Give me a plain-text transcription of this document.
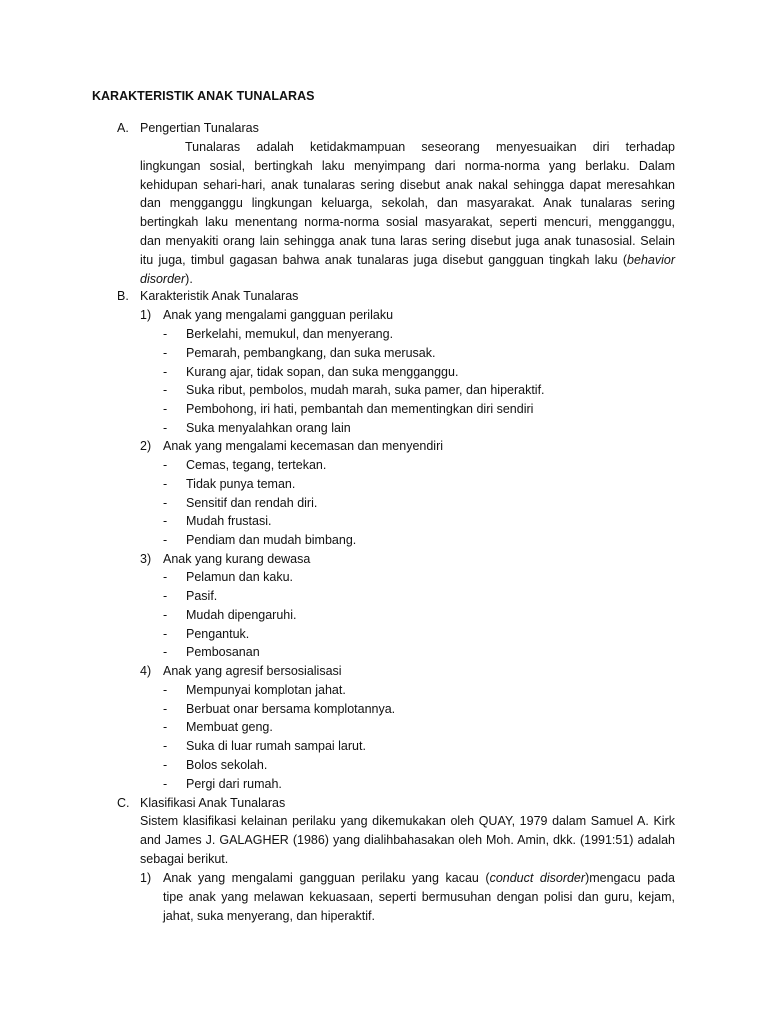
KARAKTERISTIK ANAK TUNALARAS
A. Pengertian Tunalaras
Tunalaras adalah ketidakmampuan seseorang menyesuaikan diri terhadap
lingkungan sosial, bertingkah laku menyimpang dari norma-norma yang berlaku. Dalam
kehidupan sehari-hari, anak tunalaras sering disebut anak nakal sehingga dapat meresahkan
dan mengganggu lingkungan keluarga, sekolah, dan masyarakat. Anak tunalaras sering
bertingkah laku menentang norma-norma sosial masyarakat, seperti mencuri, mengganggu,
dan menyakiti orang lain sehingga anak tuna laras sering disebut juga anak tunasosial. Selain
itu juga, timbul gagasan bahwa anak tunalaras juga disebut gangguan tingkah laku (behavior
disorder).
B. Karakteristik Anak Tunalaras
1) Anak yang mengalami gangguan perilaku
- Berkelahi, memukul, dan menyerang.
- Pemarah, pembangkang, dan suka merusak.
- Kurang ajar, tidak sopan, dan suka mengganggu.
- Suka ribut, pembolos, mudah marah, suka pamer, dan hiperaktif.
- Pembohong, iri hati, pembantah dan mementingkan diri sendiri
- Suka menyalahkan orang lain
2) Anak yang mengalami kecemasan dan menyendiri
- Cemas, tegang, tertekan.
- Tidak punya teman.
- Sensitif dan rendah diri.
- Mudah frustasi.
- Pendiam dan mudah bimbang.
3) Anak yang kurang dewasa
- Pelamun dan kaku.
- Pasif.
- Mudah dipengaruhi.
- Pengantuk.
- Pembosanan
4) Anak yang agresif bersosialisasi
- Mempunyai komplotan jahat.
- Berbuat onar bersama komplotannya.
- Membuat geng.
- Suka di luar rumah sampai larut.
- Bolos sekolah.
- Pergi dari rumah.
C. Klasifikasi Anak Tunalaras
Sistem klasifikasi kelainan perilaku yang dikemukakan oleh QUAY, 1979 dalam Samuel A. Kirk
and James J. GALAGHER (1986) yang dialihbahasakan oleh Moh. Amin, dkk. (1991:51) adalah
sebagai berikut.
1) Anak yang mengalami gangguan perilaku yang kacau (conduct disorder)mengacu pada
tipe anak yang melawan kekuasaan, seperti bermusuhan dengan polisi dan guru, kejam,
jahat, suka menyerang, dan hiperaktif.
